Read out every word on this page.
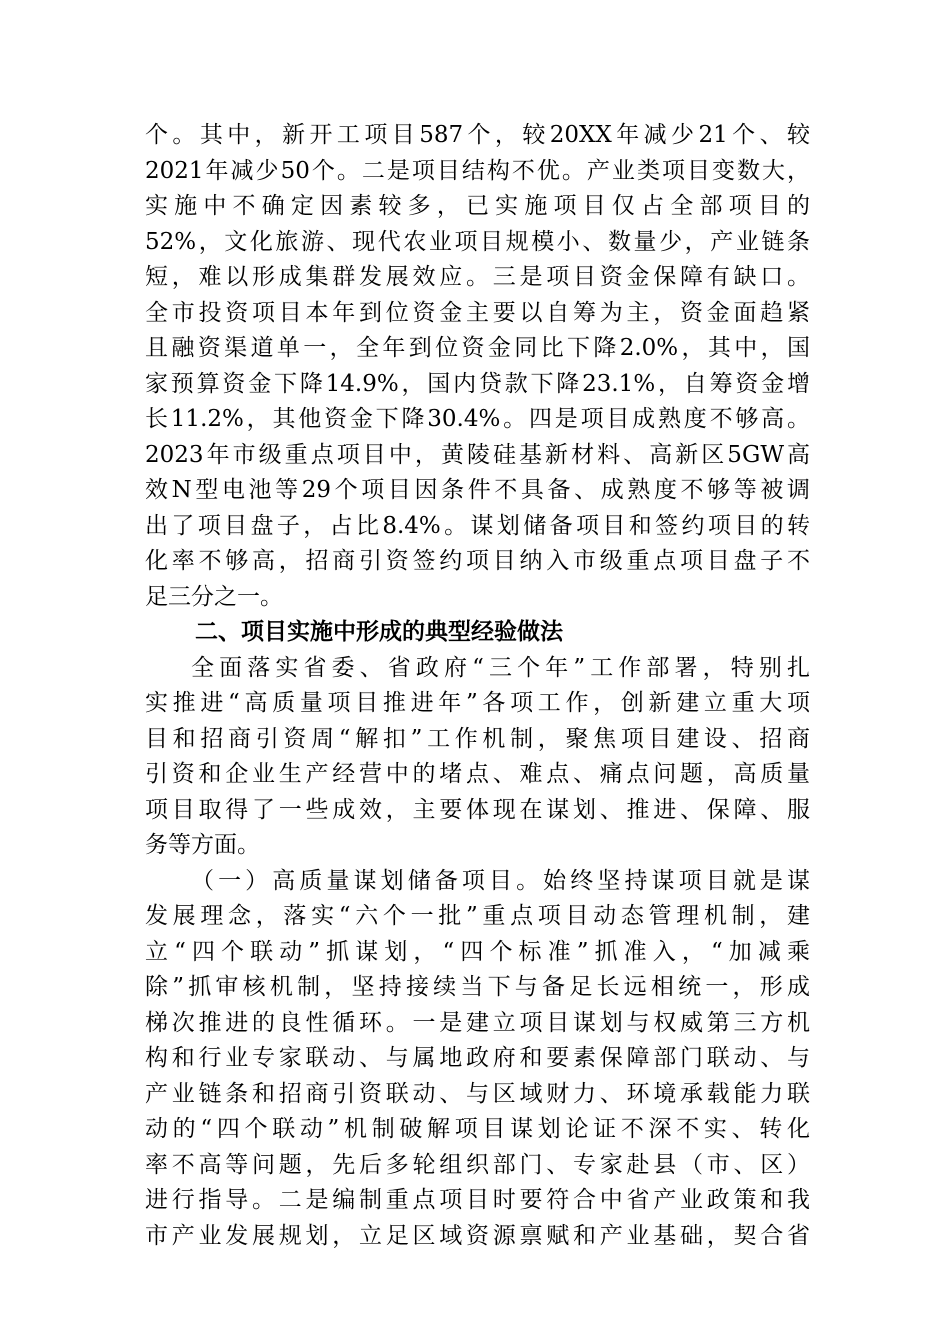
个。其中，新开工项目587个，较20XX年减少21个、较
2021年减少50个。二是项目结构不优。产业类项目变数大，
实施中不确定因素较多，已实施项目仅占全部项目的
52%，文化旅游、现代农业项目规模小、数量少，产业链条
短，难以形成集群发展效应。三是项目资金保障有缺口。
全市投资项目本年到位资金主要以自筹为主，资金面趋紧
且融资渠道单一，全年到位资金同比下降2.0%，其中，国
家预算资金下降14.9%，国内贷款下降23.1%，自筹资金增
长11.2%，其他资金下降30.4%。四是项目成熟度不够高。
2023年市级重点项目中，黄陵硅基新材料、高新区5GW高
效N型电池等29个项目因条件不具备、成熟度不够等被调
出了项目盘子，占比8.4%。谋划储备项目和签约项目的转
化率不够高，招商引资签约项目纳入市级重点项目盘子不
足三分之一。
二、项目实施中形成的典型经验做法
全面落实省委、省政府“三个年”工作部署，特别扎
实推进“高质量项目推进年”各项工作，创新建立重大项
目和招商引资周“解扣”工作机制，聚焦项目建设、招商
引资和企业生产经营中的堵点、难点、痛点问题，高质量
项目取得了一些成效，主要体现在谋划、推进、保障、服
务等方面。
（一）高质量谋划储备项目。始终坚持谋项目就是谋
发展理念，落实“六个一批”重点项目动态管理机制，建
立“四个联动”抓谋划，“四个标准”抓准入，“加减乘
除”抓审核机制，坚持接续当下与备足长远相统一，形成
梯次推进的良性循环。一是建立项目谋划与权威第三方机
构和行业专家联动、与属地政府和要素保障部门联动、与
产业链条和招商引资联动、与区域财力、环境承载能力联
动的“四个联动”机制破解项目谋划论证不深不实、转化
率不高等问题，先后多轮组织部门、专家赴县（市、区）
进行指导。二是编制重点项目时要符合中省产业政策和我
市产业发展规划，立足区域资源禀赋和产业基础，契合省
